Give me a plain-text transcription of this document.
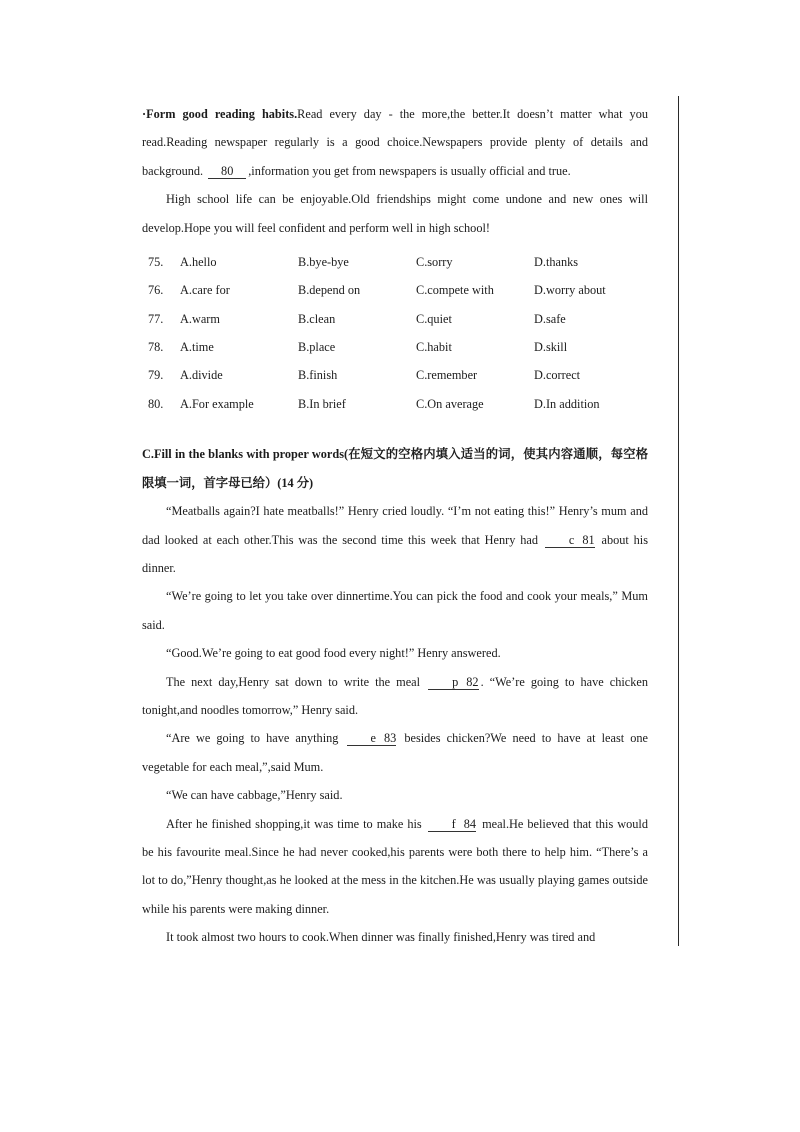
·Form good reading habits.Read every day - the more,the better.It doesn’t matter what you read.Reading newspaper regularly is a good choice.Newspapers provide plenty of details and background. 80 ,information you get from newspapers is usually official and true.

High school life can be enjoyable.Old friendships might come undone and new ones will develop.Hope you will feel confident and perform well in high school!

75.	A.hello	B.bye-bye	C.sorry	D.thanks
76.	A.care for	B.depend on	C.compete with	D.worry about
77.	A.warm	B.clean	C.quiet	D.safe
78.	A.time	B.place	C.habit	D.skill
79.	A.divide	B.finish	C.remember	D.correct
80.	A.For example	B.In brief	C.On average	D.In addition

C.Fill in the blanks with proper words(在短文的空格内填入适当的词，使其内容通顺，每空格限填一词，首字母已给）(14 分)

“Meatballs again?I hate meatballs!” Henry cried loudly. “I’m not eating this!” Henry’s mum and dad looked at each other.This was the second time this week that Henry had	c 81 about his dinner.

“We’re going to let you take over dinnertime.You can pick the food and cook your meals,” Mum said.

“Good.We’re going to eat good food every night!” Henry answered.

The next day,Henry sat down to write the meal	p 82 . “We’re going to have chicken tonight,and noodles tomorrow,” Henry said.

“Are we going to have anything	e 83 besides chicken?We need to have at least one vegetable for each meal,”,said Mum.

“We can have cabbage,”Henry said.

After he finished shopping,it was time to make his f 84 meal.He believed that this would be his favourite meal.Since he had never cooked,his parents were both there to help him. “There’s a lot to do,”Henry thought,as he looked at the mess in the kitchen.He was usually playing games outside while his parents were making dinner.

It took almost two hours to cook.When dinner was finally finished,Henry was tired and
